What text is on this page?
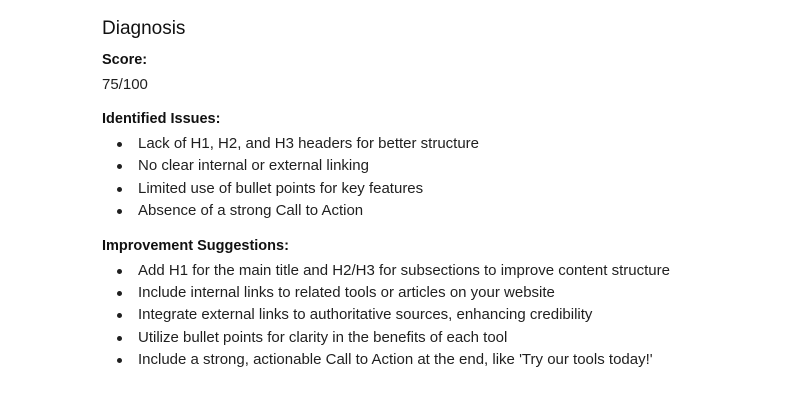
Diagnosis
Score:
75/100
Identified Issues:
Lack of H1, H2, and H3 headers for better structure
No clear internal or external linking
Limited use of bullet points for key features
Absence of a strong Call to Action
Improvement Suggestions:
Add H1 for the main title and H2/H3 for subsections to improve content structure
Include internal links to related tools or articles on your website
Integrate external links to authoritative sources, enhancing credibility
Utilize bullet points for clarity in the benefits of each tool
Include a strong, actionable Call to Action at the end, like 'Try our tools today!'
